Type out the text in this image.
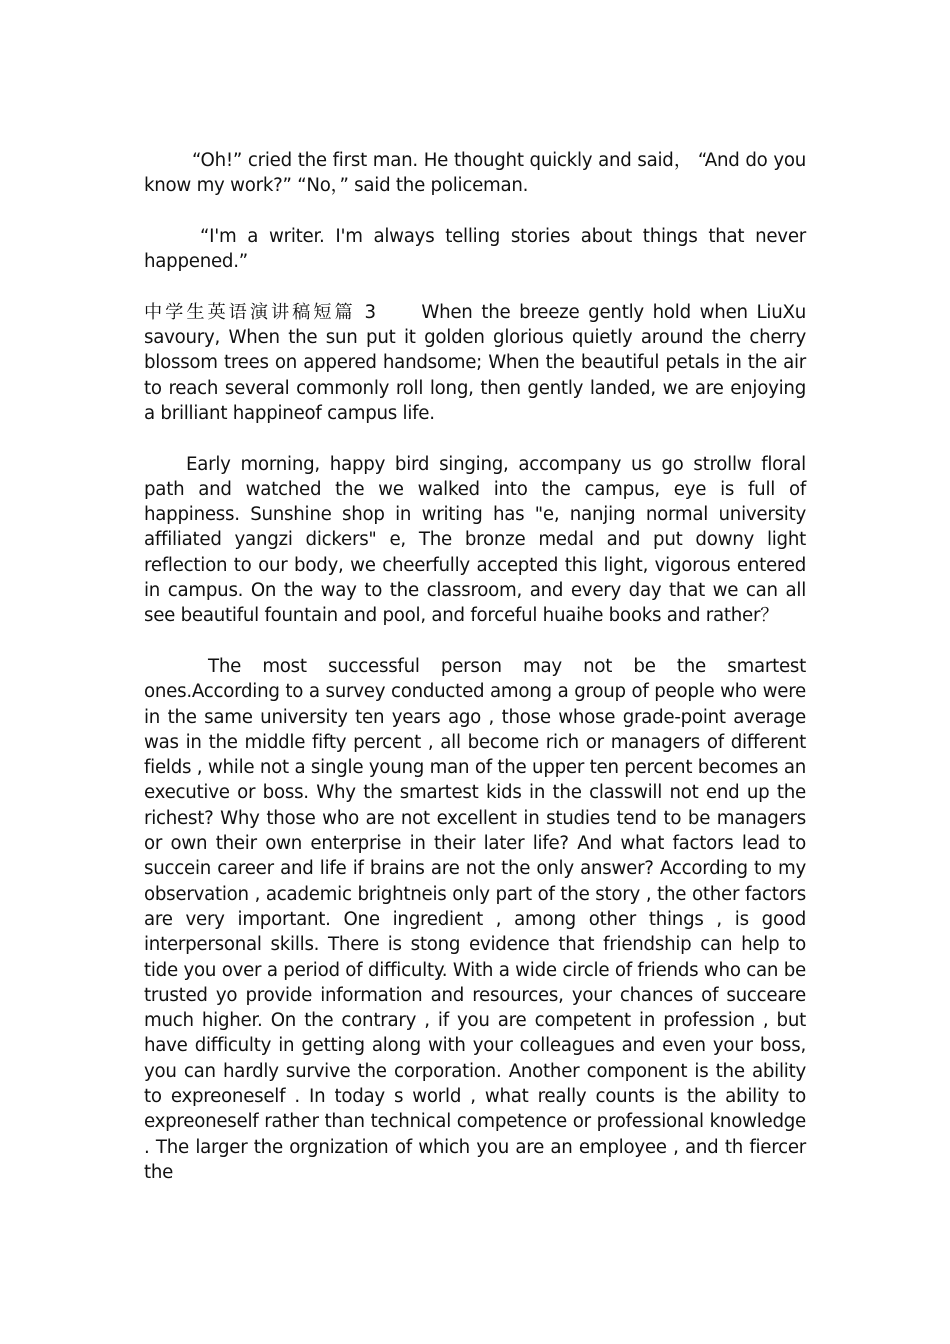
“Oh!” cried the first man. He thought quickly and said， “And do you know my work?” “No，” said the policeman.

“I'm a writer. I'm always telling stories about things that never happened.”

中学生英语演讲稿短篇 3　　When the breeze gently hold when LiuXu savoury, When the sun put it golden glorious quietly around the cherry blossom trees on appered handsome; When the beautiful petals in the air to reach several commonly roll long, then gently landed, we are enjoying a brilliant happineof campus life.

Early morning, happy bird singing, accompany us go strollw floral path and watched the we walked into the campus, eye is full of happiness. Sunshine shop in writing has "e, nanjing normal university affiliated yangzi dickers" e, The bronze medal and put downy light reflection to our body, we cheerfully accepted this light, vigorous entered in campus. On the way to the classroom, and every day that we can all see beautiful fountain and pool, and forceful huaihe books and rather？

The most successful person may not be the smartest ones.According to a survey conducted among a group of people who were in the same university ten years ago , those whose grade-point average was in the middle fifty percent , all become rich or managers of different fields , while not a single young man of the upper ten percent becomes an executive or boss. Why the smartest kids in the classwill not end up the richest? Why those who are not excellent in studies tend to be managers or own their own enterprise in their later life? And what factors lead to succein career and life if brains are not the only answer? According to my observation , academic brightneis only part of the story , the other factors are very important. One ingredient , among other things , is good interpersonal skills. There is stong evidence that friendship can help to tide you over a period of difficulty. With a wide circle of friends who can be trusted yo provide information and resources, your chances of succeare much higher. On the contrary , if you are competent in profession , but have difficulty in getting along with your colleagues and even your boss, you can hardly survive the corporation. Another component is the ability to expreoneself . In today s world , what really counts is the ability to expreoneself rather than technical competence or professional knowledge . The larger the orgnization of which you are an employee , and th fiercer the
